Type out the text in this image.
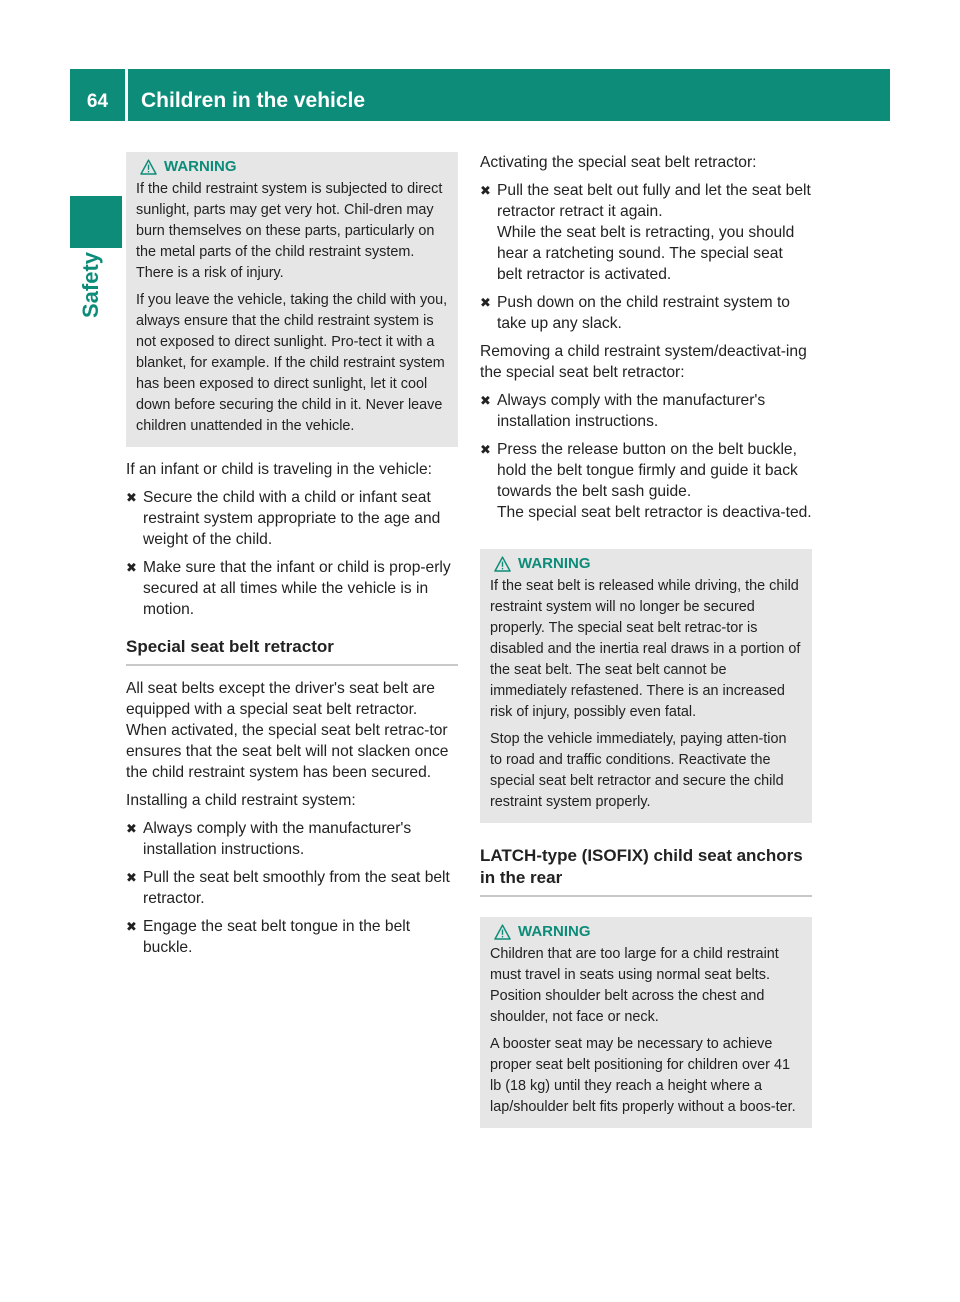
64	Children in the vehicle
Safety
WARNING

If the child restraint system is subjected to direct sunlight, parts may get very hot. Chil-dren may burn themselves on these parts, particularly on the metal parts of the child restraint system. There is a risk of injury.

If you leave the vehicle, taking the child with you, always ensure that the child restraint system is not exposed to direct sunlight. Pro-tect it with a blanket, for example. If the child restraint system has been exposed to direct sunlight, let it cool down before securing the child in it. Never leave children unattended in the vehicle.

If an infant or child is traveling in the vehicle:

✖ Secure the child with a child or infant seat restraint system appropriate to the age and weight of the child.
✖ Make sure that the infant or child is prop-erly secured at all times while the vehicle is in motion.
Special seat belt retractor

All seat belts except the driver's seat belt are equipped with a special seat belt retractor. When activated, the special seat belt retrac-tor ensures that the seat belt will not slacken once the child restraint system has been secured.

Installing a child restraint system:

✖ Always comply with the manufacturer's installation instructions.
✖ Pull the seat belt smoothly from the seat belt retractor.
✖ Engage the seat belt tongue in the belt buckle.

Activating the special seat belt retractor:

✖ Pull the seat belt out fully and let the seat belt retractor retract it again.
While the seat belt is retracting, you should hear a ratcheting sound. The special seat belt retractor is activated.
✖ Push down on the child restraint system to take up any slack.

Removing a child restraint system/deactivat-ing the special seat belt retractor:

✖ Always comply with the manufacturer's installation instructions.
✖ Press the release button on the belt buckle, hold the belt tongue firmly and guide it back towards the belt sash guide.
The special seat belt retractor is deactiva-ted.
WARNING

If the seat belt is released while driving, the child restraint system will no longer be secured properly. The special seat belt retrac-tor is disabled and the inertia real draws in a portion of the seat belt. The seat belt cannot be immediately refastened. There is an increased risk of injury, possibly even fatal.

Stop the vehicle immediately, paying atten-tion to road and traffic conditions. Reactivate the special seat belt retractor and secure the child restraint system properly.

LATCH-type (ISOFIX) child seat anchors in the rear
WARNING

Children that are too large for a child restraint must travel in seats using normal seat belts. Position shoulder belt across the chest and shoulder, not face or neck.

A booster seat may be necessary to achieve proper seat belt positioning for children over 41 lb (18 kg) until they reach a height where a lap/shoulder belt fits properly without a boos-ter.
